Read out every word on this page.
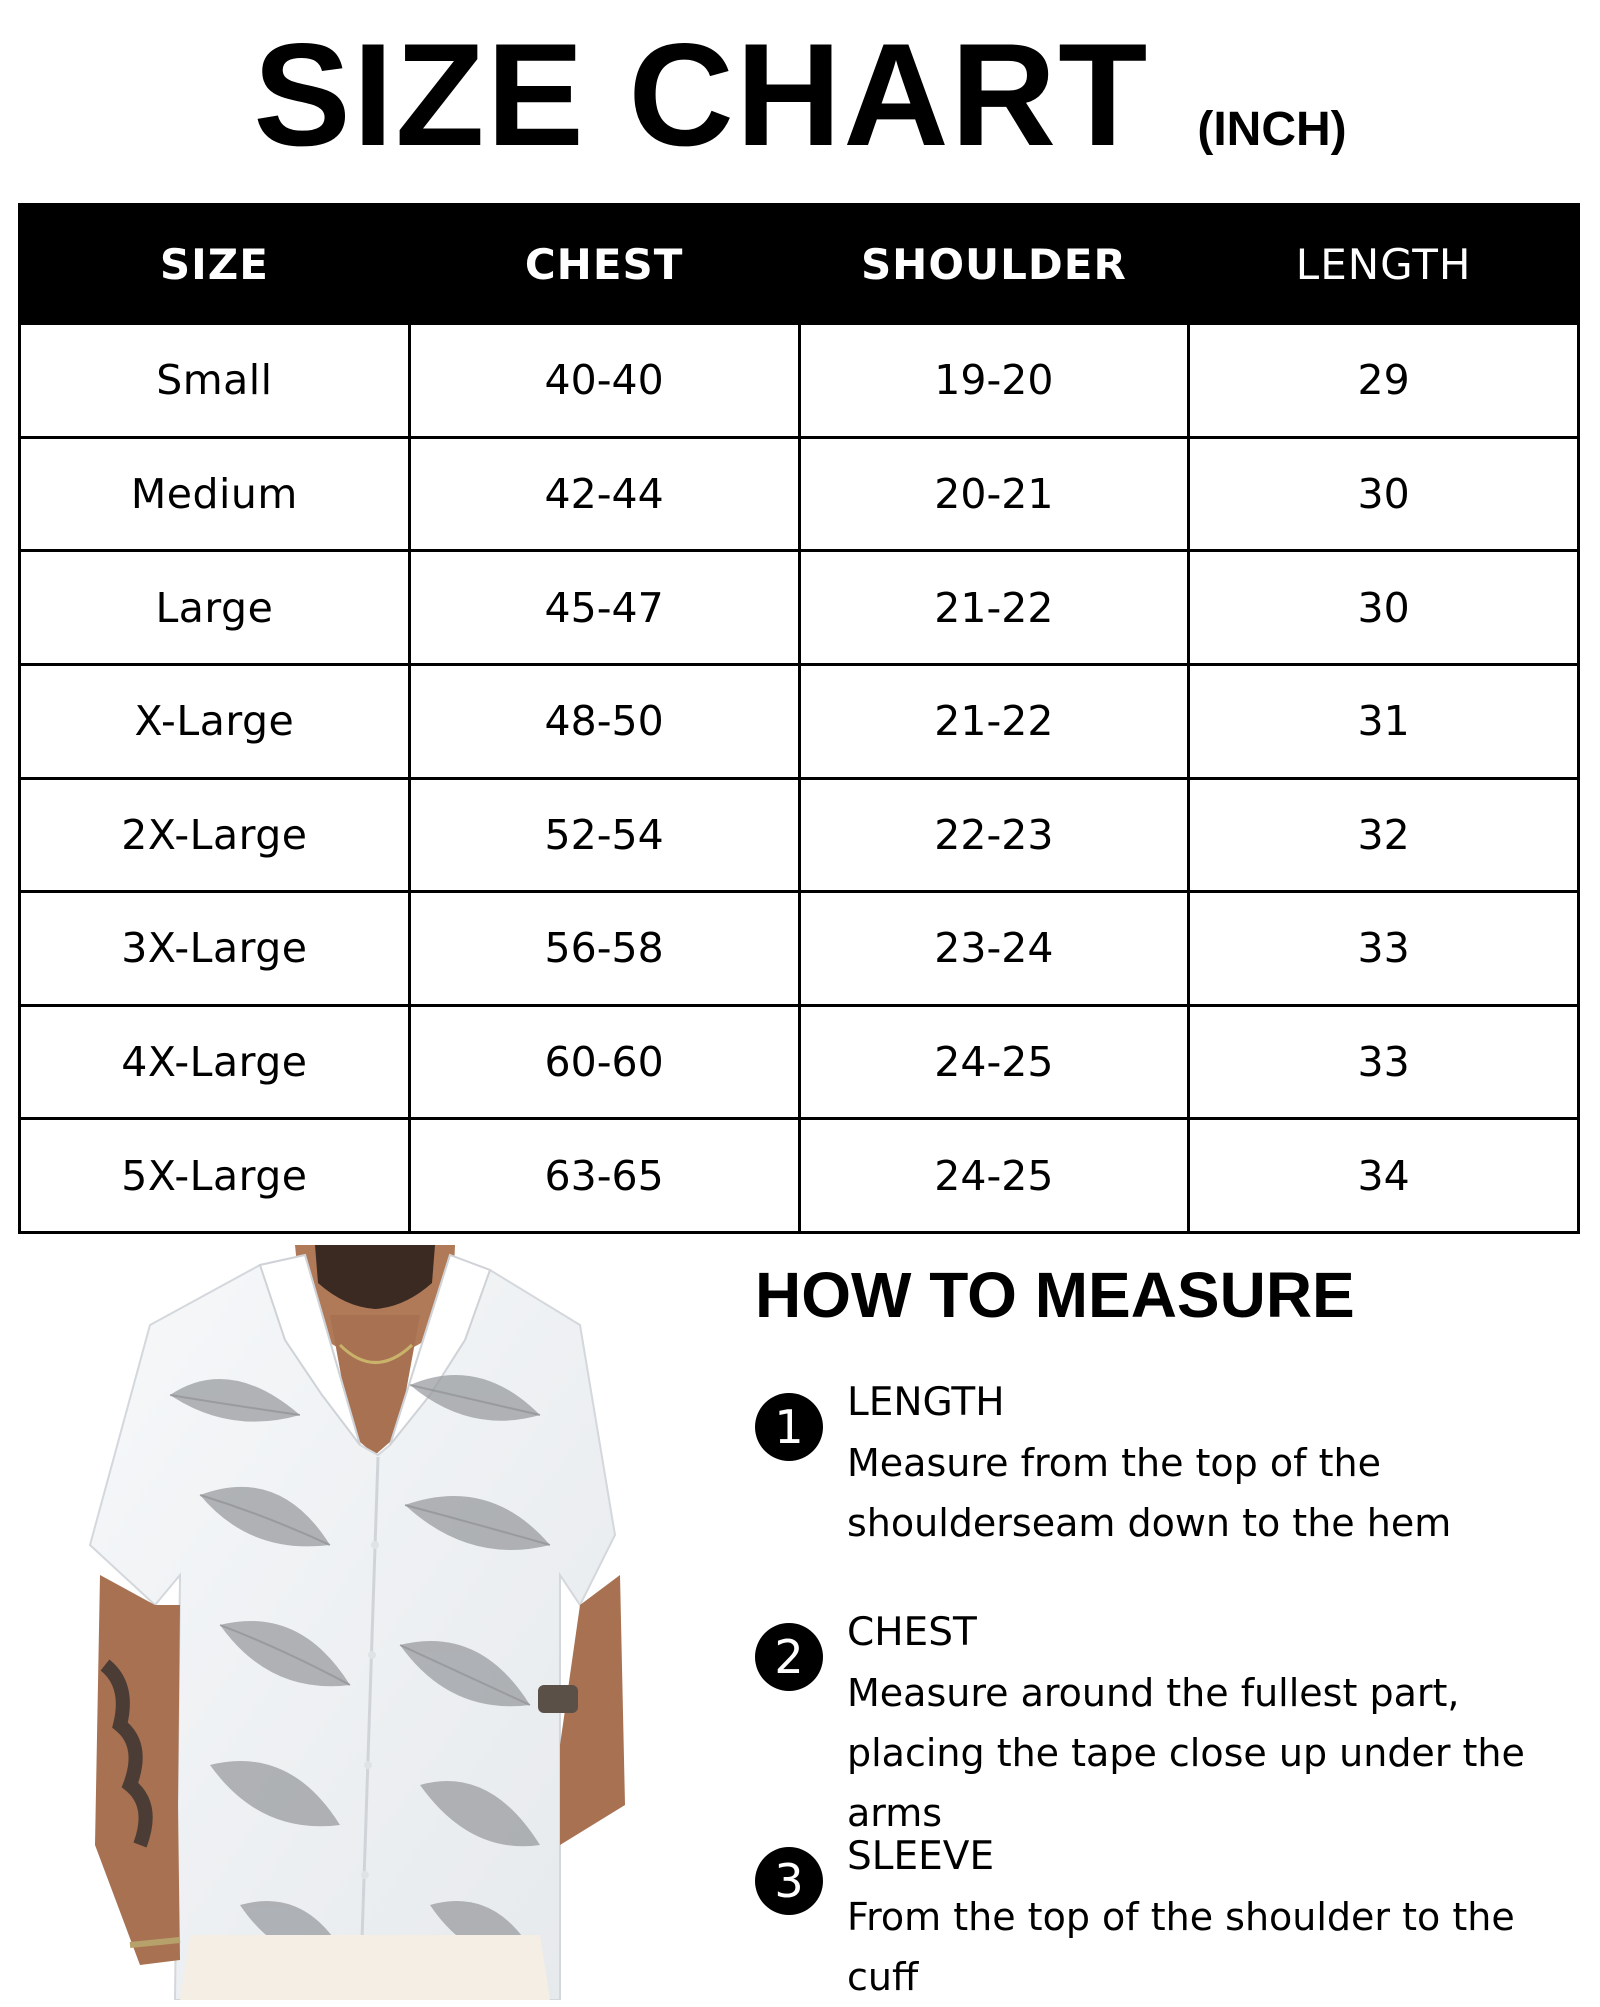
SIZE CHART (INCH)
SIZE	CHEST	SHOULDER	LENGTH
Small	40-40	19-20	29
Medium	42-44	20-21	30
Large	45-47	21-22	30
X-Large	48-50	21-22	31
2X-Large	52-54	22-23	32
3X-Large	56-58	23-24	33
4X-Large	60-60	24-25	33
5X-Large	63-65	24-25	34
HOW TO MEASURE
1	LENGTH
Measure from the top of the shoulderseam down to the hem
2	CHEST
Measure around the fullest part, placing the tape close up under the arms
3	SLEEVE
From the top of the shoulder to the cuff
